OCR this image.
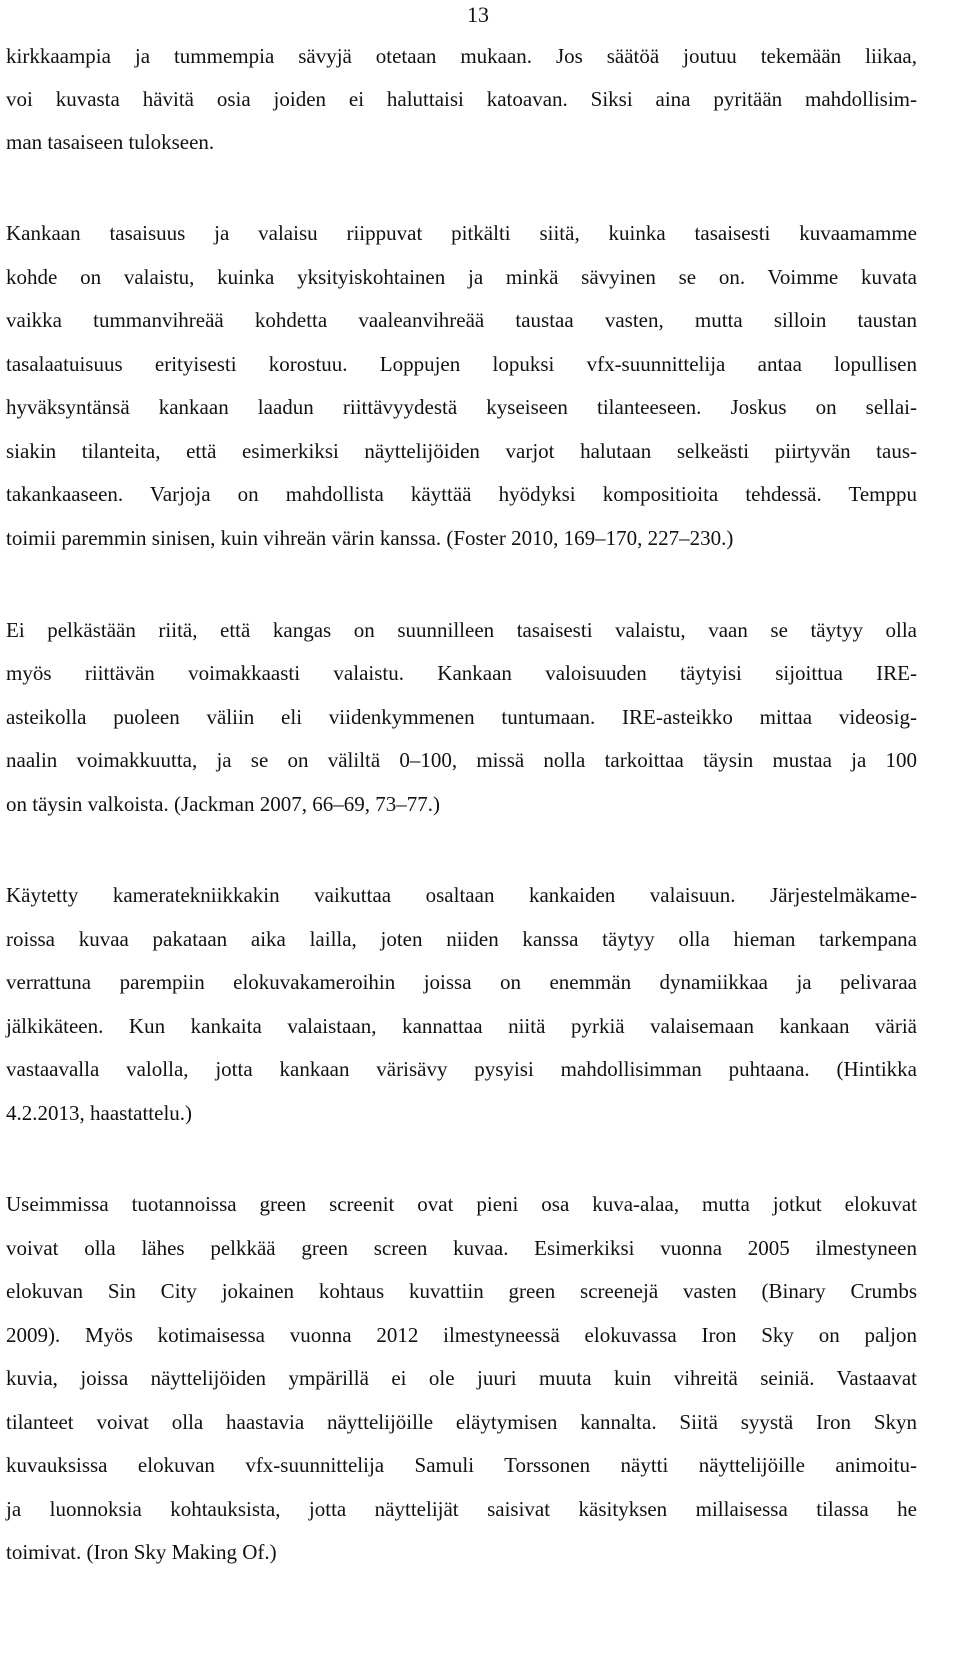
13
kirkkaampia ja tummempia sävyjä otetaan mukaan. Jos säätöä joutuu tekemään liikaa,
voi kuvasta hävitä osia joiden ei haluttaisi katoavan. Siksi aina pyritään mahdollisim-
man tasaiseen tulokseen.
Kankaan tasaisuus ja valaisu riippuvat pitkälti siitä, kuinka tasaisesti kuvaamamme
kohde on valaistu, kuinka yksityiskohtainen ja minkä sävyinen se on. Voimme kuvata
vaikka tummanvihreää kohdetta vaaleanvihreää taustaa vasten, mutta silloin taustan
tasalaatuisuus erityisesti korostuu. Loppujen lopuksi vfx-suunnittelija antaa lopullisen
hyväksyntänsä kankaan laadun riittävyydestä kyseiseen tilanteeseen. Joskus on sellai-
siakin tilanteita, että esimerkiksi näyttelijöiden varjot halutaan selkeästi piirtyvän taus-
takankaaseen. Varjoja on mahdollista käyttää hyödyksi kompositioita tehdessä. Temppu
toimii paremmin sinisen, kuin vihreän värin kanssa. (Foster 2010, 169–170, 227–230.)
Ei pelkästään riitä, että kangas on suunnilleen tasaisesti valaistu, vaan se täytyy olla
myös riittävän voimakkaasti valaistu. Kankaan valoisuuden täytyisi sijoittua IRE-
asteikolla puoleen väliin eli viidenkymmenen tuntumaan. IRE-asteikko mittaa videosig-
naalin voimakkuutta, ja se on väliltä 0–100, missä nolla tarkoittaa täysin mustaa ja 100
on täysin valkoista. (Jackman 2007, 66–69, 73–77.)
Käytetty kameratekniikkakin vaikuttaa osaltaan kankaiden valaisuun. Järjestelmäkame-
roissa kuvaa pakataan aika lailla, joten niiden kanssa täytyy olla hieman tarkempana
verrattuna parempiin elokuvakameroihin joissa on enemmän dynamiikkaa ja pelivaraa
jälkikäteen. Kun kankaita valaistaan, kannattaa niitä pyrkiä valaisemaan kankaan väriä
vastaavalla valolla, jotta kankaan värisävy pysyisi mahdollisimman puhtaana. (Hintikka
4.2.2013, haastattelu.)
Useimmissa tuotannoissa green screenit ovat pieni osa kuva-alaa, mutta jotkut elokuvat
voivat olla lähes pelkkää green screen kuvaa. Esimerkiksi vuonna 2005 ilmestyneen
elokuvan Sin City jokainen kohtaus kuvattiin green screenejä vasten (Binary Crumbs
2009). Myös kotimaisessa vuonna 2012 ilmestyneessä elokuvassa Iron Sky on paljon
kuvia, joissa näyttelijöiden ympärillä ei ole juuri muuta kuin vihreitä seiniä. Vastaavat
tilanteet voivat olla haastavia näyttelijöille eläytymisen kannalta. Siitä syystä Iron Skyn
kuvauksissa elokuvan vfx-suunnittelija Samuli Torssonen näytti näyttelijöille animoitu-
ja luonnoksia kohtauksista, jotta näyttelijät saisivat käsityksen millaisessa tilassa he
toimivat. (Iron Sky Making Of.)
